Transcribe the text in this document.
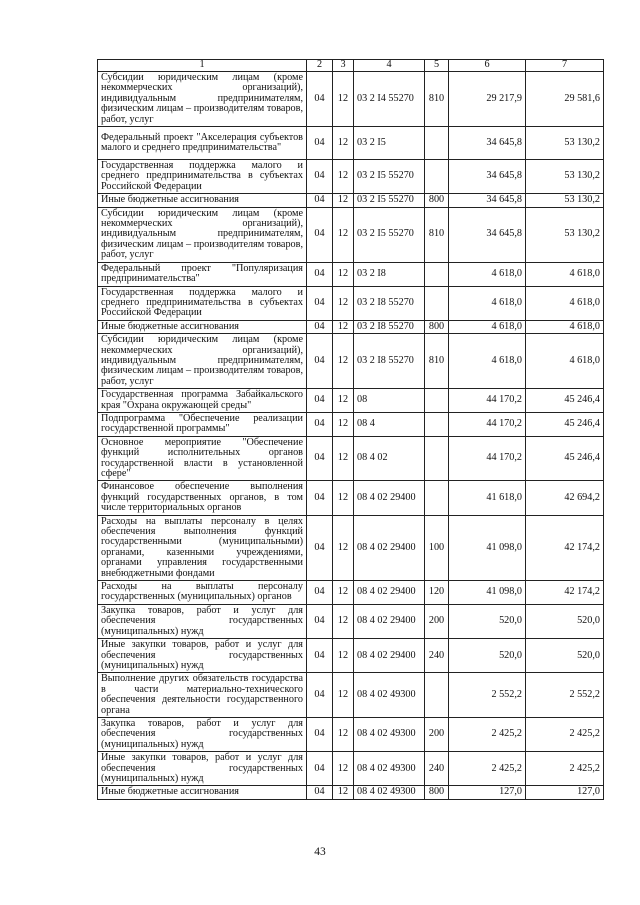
1	2	3	4	5	6	7
Субсидии юридическим лицам (кроме некоммерческих организаций), индивидуальным предпринимателям, физическим лицам – производителям товаров, работ, услуг	04	12	03 2 I4 55270	810	29 217,9	29 581,6
Федеральный проект "Акселерация субъектов малого и среднего предпринимательства"	04	12	03 2 I5		34 645,8	53 130,2
Государственная поддержка малого и среднего предпринимательства в субъектах Российской Федерации	04	12	03 2 I5 55270		34 645,8	53 130,2
Иные бюджетные ассигнования	04	12	03 2 I5 55270	800	34 645,8	53 130,2
Субсидии юридическим лицам (кроме некоммерческих организаций), индивидуальным предпринимателям, физическим лицам – производителям товаров, работ, услуг	04	12	03 2 I5 55270	810	34 645,8	53 130,2
Федеральный проект "Популяризация предпринимательства"	04	12	03 2 I8		4 618,0	4 618,0
Государственная поддержка малого и среднего предпринимательства в субъектах Российской Федерации	04	12	03 2 I8 55270		4 618,0	4 618,0
Иные бюджетные ассигнования	04	12	03 2 I8 55270	800	4 618,0	4 618,0
Субсидии юридическим лицам (кроме некоммерческих организаций), индивидуальным предпринимателям, физическим лицам – производителям товаров, работ, услуг	04	12	03 2 I8 55270	810	4 618,0	4 618,0
Государственная программа Забайкальского края "Охрана окружающей среды"	04	12	08		44 170,2	45 246,4
Подпрограмма "Обеспечение реализации государственной программы"	04	12	08 4		44 170,2	45 246,4
Основное мероприятие "Обеспечение функций исполнительных органов государственной власти в установленной сфере"	04	12	08 4 02		44 170,2	45 246,4
Финансовое обеспечение выполнения функций государственных органов, в том числе территориальных органов	04	12	08 4 02 29400		41 618,0	42 694,2
Расходы на выплаты персоналу в целях обеспечения выполнения функций государственными (муниципальными) органами, казенными учреждениями, органами управления государственными внебюджетными фондами	04	12	08 4 02 29400	100	41 098,0	42 174,2
Расходы на выплаты персоналу государственных (муниципальных) органов	04	12	08 4 02 29400	120	41 098,0	42 174,2
Закупка товаров, работ и услуг для обеспечения государственных (муниципальных) нужд	04	12	08 4 02 29400	200	520,0	520,0
Иные закупки товаров, работ и услуг для обеспечения государственных (муниципальных) нужд	04	12	08 4 02 29400	240	520,0	520,0
Выполнение других обязательств государства в части материально-технического обеспечения деятельности государственного органа	04	12	08 4 02 49300		2 552,2	2 552,2
Закупка товаров, работ и услуг для обеспечения государственных (муниципальных) нужд	04	12	08 4 02 49300	200	2 425,2	2 425,2
Иные закупки товаров, работ и услуг для обеспечения государственных (муниципальных) нужд	04	12	08 4 02 49300	240	2 425,2	2 425,2
Иные бюджетные ассигнования	04	12	08 4 02 49300	800	127,0	127,0
43
